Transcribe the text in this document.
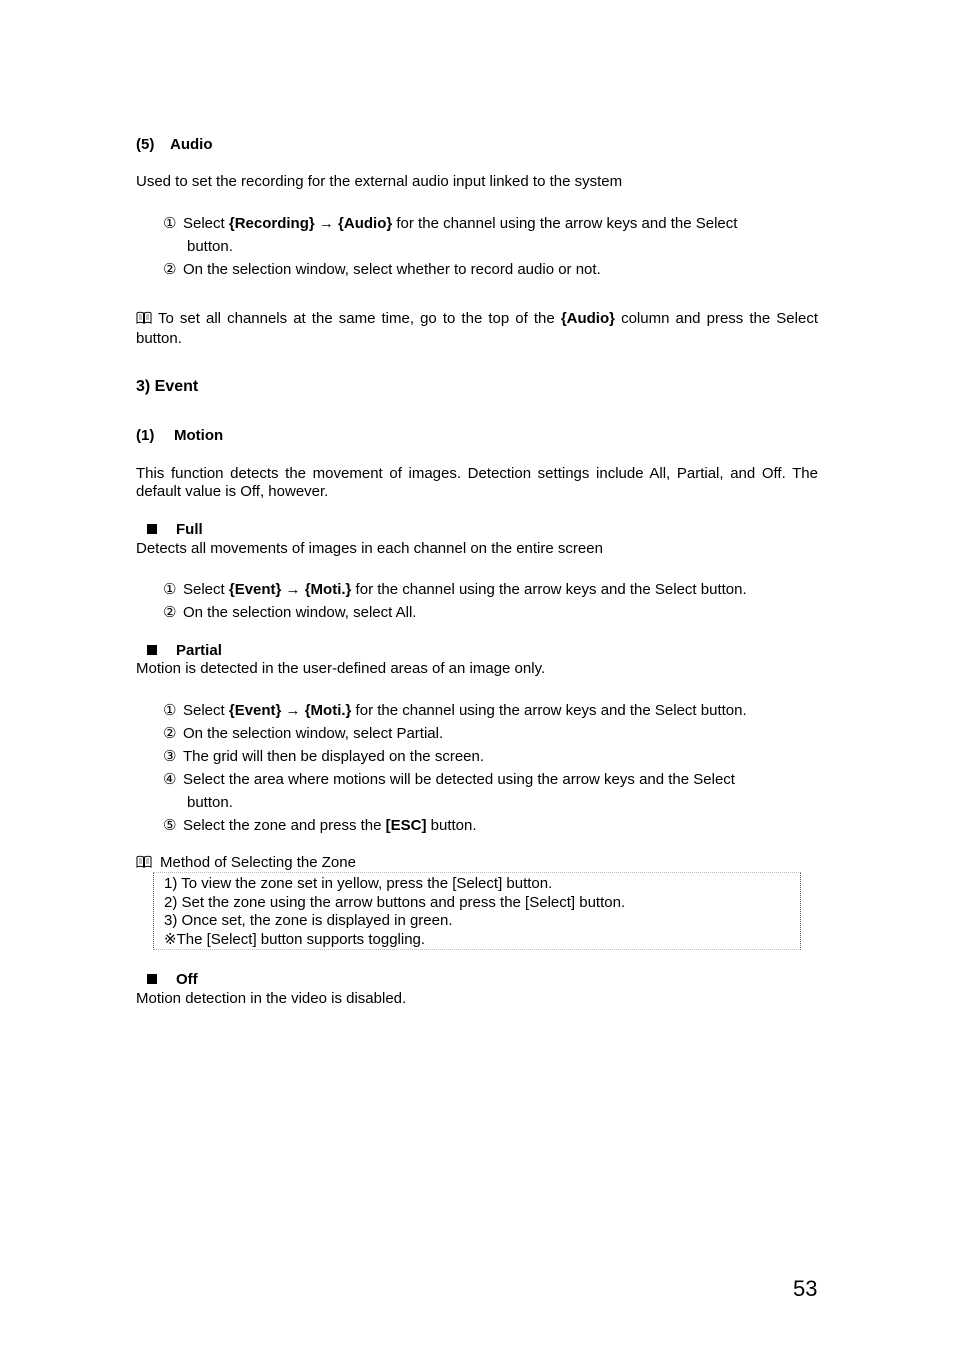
(5) Audio

Used to set the recording for the external audio input linked to the system

① Select {Recording} → {Audio} for the channel using the arrow keys and the Select

button.

② On the selection window, select whether to record audio or not.

To set all channels at the same time, go to the top of the {Audio} column and press the Select button.

3) Event

(1) Motion

This function detects the movement of images. Detection settings include All, Partial, and Off. The default value is Off, however.

Full

Detects all movements of images in each channel on the entire screen

① Select {Event} → {Moti.} for the channel using the arrow keys and the Select button.

② On the selection window, select All.

Partial

Motion is detected in the user-defined areas of an image only.

① Select {Event} → {Moti.} for the channel using the arrow keys and the Select button.

② On the selection window, select Partial.

③ The grid will then be displayed on the screen.

④ Select the area where motions will be detected using the arrow keys and the Select

button.

⑤ Select the zone and press the [ESC] button.

Method of Selecting the Zone

1) To view the zone set in yellow, press the [Select] button.
2) Set the zone using the arrow buttons and press the [Select] button.
3) Once set, the zone is displayed in green.
※The [Select] button supports toggling.

Off

Motion detection in the video is disabled.

53
